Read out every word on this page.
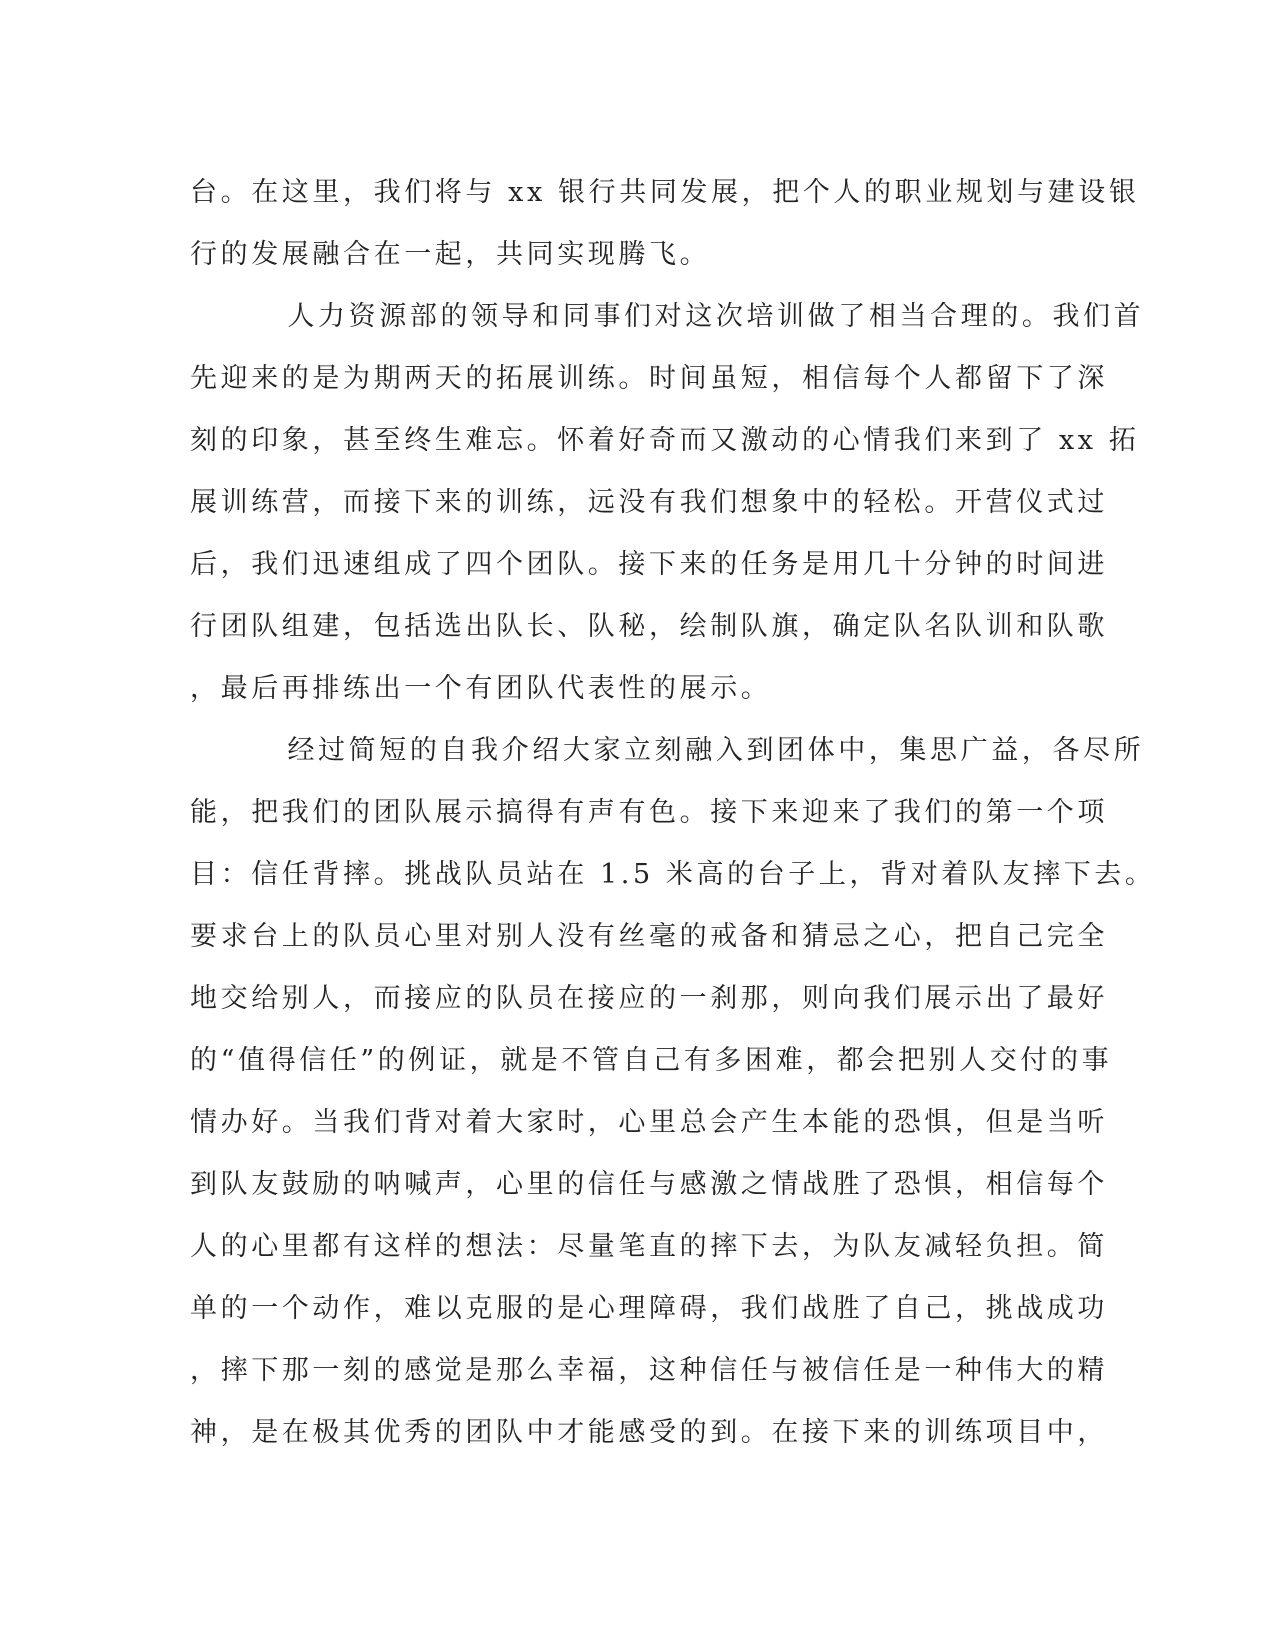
台。在这里，我们将与 xx 银行共同发展，把个人的职业规划与建设银
行的发展融合在一起，共同实现腾飞。
人力资源部的领导和同事们对这次培训做了相当合理的。我们首
先迎来的是为期两天的拓展训练。时间虽短，相信每个人都留下了深
刻的印象，甚至终生难忘。怀着好奇而又激动的心情我们来到了 xx 拓
展训练营，而接下来的训练，远没有我们想象中的轻松。开营仪式过
后，我们迅速组成了四个团队。接下来的任务是用几十分钟的时间进
行团队组建，包括选出队长、队秘，绘制队旗，确定队名队训和队歌
，最后再排练出一个有团队代表性的展示。
经过简短的自我介绍大家立刻融入到团体中，集思广益，各尽所
能，把我们的团队展示搞得有声有色。接下来迎来了我们的第一个项
目：信任背摔。挑战队员站在 1.5 米高的台子上，背对着队友摔下去。
要求台上的队员心里对别人没有丝毫的戒备和猜忌之心，把自己完全
地交给别人，而接应的队员在接应的一刹那，则向我们展示出了最好
的“值得信任”的例证，就是不管自己有多困难，都会把别人交付的事
情办好。当我们背对着大家时，心里总会产生本能的恐惧，但是当听
到队友鼓励的呐喊声，心里的信任与感激之情战胜了恐惧，相信每个
人的心里都有这样的想法：尽量笔直的摔下去，为队友减轻负担。简
单的一个动作，难以克服的是心理障碍，我们战胜了自己，挑战成功
，摔下那一刻的感觉是那么幸福，这种信任与被信任是一种伟大的精
神，是在极其优秀的团队中才能感受的到。在接下来的训练项目中，
